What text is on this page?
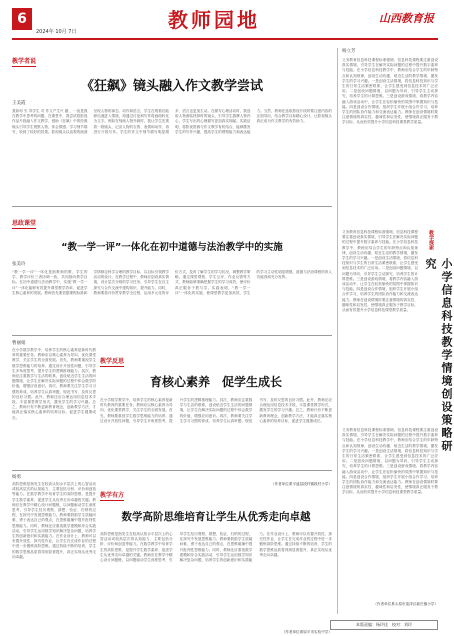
6
2024年 10月 7日	教师园地	山西教育报
教学者说
《狂飙》镜头融入作文教学尝试
王美霞
我如何 引 导学生 对 作文产生兴 趣 ，一直是我在教学中思考的问题。在课堂中，我尝试将影视作品片段融入作文教学，借助《狂飙》中的经典镜头引导学生观察人物、体会情感、学习细节描写，收到了较好的效果。影视镜头以直观的画面呈现人物的神态、动作和语言，学生在观看后能够迅速进入情境，再通过讨论和写作将画面转化为文字。例如在刻画人物外貌时，我让学生先观看一段镜头，记录人物的衣着、表情和动作，再进行片段写作。学生的作文中细节描写明显增多，语言也更加生动。在描写心理活动时，我选取人物面临抉择时的镜头，引导学生揣摩人物内心，学生写出的心理描写更加真实细腻。实践证明，将影视资源与作文教学有机结合，能够激发学生的写作兴趣，提高学生的观察能力和表达能力。当然，教师在选取影视片段时要注意内容的正面导向，结合教学目标精心设计，让影视镜头真正成为作文教学的有效助力。
思政课堂
“教一学一评”一体化在初中道德与法治教学中的实施
张美玲
“教一学一评”一体化是指教师的教、学生的学、教学评价三者协调一致，共同指向教学目标。在初中道德与法治教学中，实施“教一学一评”一体化能够有效提升课堂教学效率，促进学生核心素养的发展。教师首先要依据课程标准和学情制定科学合理的教学目标，以目标引领教学活动的设计。在教学过程中，教师应创设真实情境，设计层次分明的学习任务，引导学生在自主探究与合作交流中建构知识、提升能力。同时，教师要将评价贯穿教学全过程，运用多元化的评价方式，及时了解学生的学习状况，调整教学策略。通过课堂观察、学生互评、作业反馈等方式，教师能够准确把握学生的学习成效，使评价真正服务于教与学。实践表明，“教一学一评”一体化的实施，使课堂教学更加高效，学生的学习主动性明显增强，道德与法治课程的育人功能得到充分发挥。
曹丽娟
在小学数学教学中，培养学生的核心素养是新时代教育的重要任务。教师应以核心素养为导向，优化课堂教学，关注学生的全面发展。首先，教师要重视学生数学思维能力的培养，通过设计开放性问题，引导学生多角度思考，提升学生的逻辑推理能力。其次，教师应注重数学与生活的联系，创设贴近学生生活的问题情境，让学生在解决实际问题的过程中体会数学的价值，增强应用意识。再次，教师要关注学生学习习惯的养成，培养学生认真审题、规范书写、及时反思的良好习惯。此外，教师还应合理运用信息技术手段，丰富课堂教学形式，激发学生的学习兴趣。总之，教师只有不断更新教育理念，创新教学方法，才能真正落实核心素养的培养目标，促进学生健康成长。
教学反思
育核心素养　促学生成长
在小学数学教学中，培养学生的核心素养是新时代教育的重要任务。教师应以核心素养为导向，优化课堂教学，关注学生的全面发展。首先，教师要重视学生数学思维能力的培养，通过设计开放性问题，引导学生多角度思考，提升学生的逻辑推理能力。其次，教师应注重数学与生活的联系，创设贴近学生生活的问题情境，让学生在解决实际问题的过程中体会数学的价值，增强应用意识。再次，教师要关注学生学习习惯的养成，培养学生认真审题、规范书写、及时反思的良好习惯。此外，教师还应合理运用信息技术手段，丰富课堂教学形式，激发学生的学习兴趣。总之，教师只有不断更新教育理念，创新教学方法，才能真正落实核心素养的培养目标，促进学生健康成长。
（作者单位系平遥县段村镇段村小学）
杨勇
高阶思维是指发生在较高认知水平层次上的心智活动或较高层次的认知能力，主要包括分析、评价和创造等能力。在数学教学中培育学生的高阶思维，是提升学生数学素养、促进学生从优秀走向卓越的关键。教师应在教学中精心设计问题链，以问题驱动学生深度思考，引导学生经历观察、猜想、验证、归纳的过程，在探究中发展思维能力。教师要鼓励学生质疑问难，勇于表达自己的观点，在思维碰撞中提升批判性思维能力。同时，教师还应重视数学建模和综合实践活动，引导学生运用数学知识解决复杂问题，培养学生的创新意识和实践能力。在作业设计上，教师可以布置开放性、探究性作业，让学生在完成作业的过程中进一步锻炼高阶思维。通过持续不断的培育，学生的数学思维品质将得到显著提升，真正实现从优秀走向卓越。
教学有方
数学高阶思维培育让学生从优秀走向卓越
高阶思维是指发生在较高认知水平层次上的心智活动或较高层次的认知能力，主要包括分析、评价和创造等能力。在数学教学中培育学生的高阶思维，是提升学生数学素养、促进学生从优秀走向卓越的关键。教师应在教学中精心设计问题链，以问题驱动学生深度思考，引导学生经历观察、猜想、验证、归纳的过程，在探究中发展思维能力。教师要鼓励学生质疑问难，勇于表达自己的观点，在思维碰撞中提升批判性思维能力。同时，教师还应重视数学建模和综合实践活动，引导学生运用数学知识解决复杂问题，培养学生的创新意识和实践能力。在作业设计上，教师可以布置开放性、探究性作业，让学生在完成作业的过程中进一步锻炼高阶思维。通过持续不断的培育，学生的数学思维品质将得到显著提升，真正实现从优秀走向卓越。
（作者单位系原平市实验中学）
杨立芳
义务教育信息科技课程标准强调，信息科技课程要注重创设真实情境，引导学生在解决实际问题的过程中提升数字素养与技能。在小学信息科技教学中，教师应结合学生的年龄特点和认知规律，创设生动有趣、贴近生活的教学情境，激发学生的学习兴趣。一是创设生活情境，将信息科技知识与学生的日常生活紧密联系，让学生感受到信息技术的广泛应用。二是创设问题情境，以问题为导向，引导学生主动探究，培养学生的计算思维。三是创设游戏情境，将教学内容融入游戏活动中，让学生在轻松愉快的氛围中掌握知识与技能。四是创设合作情境，组织学生开展小组合作学习，培养学生的团队协作能力和交流表达能力。教师在创设情境时要注意情境的真实性、趣味性和启发性，使情境真正服务于教学目标，从而有效提升小学信息科技课堂教学质量。
教学探索
小学信息科技教学情境创设策略研究
义务教育信息科技课程标准强调，信息科技课程要注重创设真实情境，引导学生在解决实际问题的过程中提升数字素养与技能。在小学信息科技教学中，教师应结合学生的年龄特点和认知规律，创设生动有趣、贴近生活的教学情境，激发学生的学习兴趣。一是创设生活情境，将信息科技知识与学生的日常生活紧密联系，让学生感受到信息技术的广泛应用。二是创设问题情境，以问题为导向，引导学生主动探究，培养学生的计算思维。三是创设游戏情境，将教学内容融入游戏活动中，让学生在轻松愉快的氛围中掌握知识与技能。四是创设合作情境，组织学生开展小组合作学习，培养学生的团队协作能力和交流表达能力。教师在创设情境时要注意情境的真实性、趣味性和启发性，使情境真正服务于教学目标，从而有效提升小学信息科技课堂教学质量。
义务教育信息科技课程标准强调，信息科技课程要注重创设真实情境，引导学生在解决实际问题的过程中提升数字素养与技能。在小学信息科技教学中，教师应结合学生的年龄特点和认知规律，创设生动有趣、贴近生活的教学情境，激发学生的学习兴趣。一是创设生活情境，将信息科技知识与学生的日常生活紧密联系，让学生感受到信息技术的广泛应用。二是创设问题情境，以问题为导向，引导学生主动探究，培养学生的计算思维。三是创设游戏情境，将教学内容融入游戏活动中，让学生在轻松愉快的氛围中掌握知识与技能。四是创设合作情境，组织学生开展小组合作学习，培养学生的团队协作能力和交流表达能力。教师在创设情境时要注意情境的真实性、趣味性和启发性，使情境真正服务于教学目标，从而有效提升小学信息科技课堂教学质量。
（作者单位系太原市迎泽区郝庄镇小学）
本版责编：杨玲佳　校对：刘玲
